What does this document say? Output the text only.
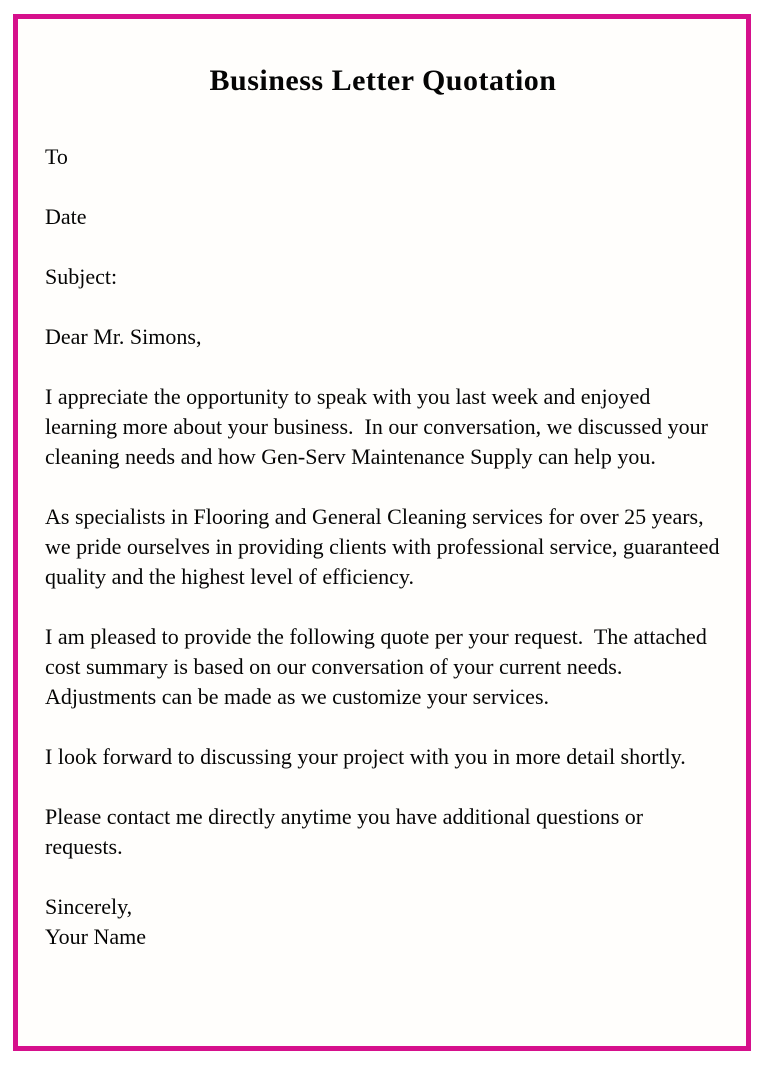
Business Letter Quotation
To
Date
Subject:

Dear Mr. Simons,

I appreciate the opportunity to speak with you last week and enjoyed learning more about your business.  In our conversation, we discussed your cleaning needs and how Gen-Serv Maintenance Supply can help you.

As specialists in Flooring and General Cleaning services for over 25 years, we pride ourselves in providing clients with professional service, guaranteed quality and the highest level of efficiency.

I am pleased to provide the following quote per your request.  The attached cost summary is based on our conversation of your current needs.  Adjustments can be made as we customize your services.

I look forward to discussing your project with you in more detail shortly.

Please contact me directly anytime you have additional questions or requests.

Sincerely,

Your Name
